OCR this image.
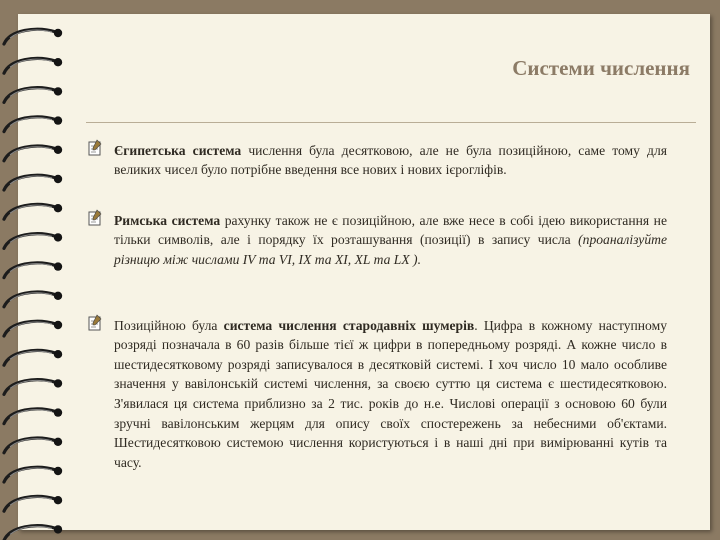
Системи числення

Єгипетська система числення була десятковою, але не була позиційною, саме тому для великих чисел було потрібне введення все нових і нових ієрогліфів.

Римська система рахунку також не є позиційною, але вже несе в собі ідею використання не тільки символів, але і порядку їх розташування (позиції) в запису числа (проаналізуйте різницю між числами IV та VI, IX та XI, XL та LX ).

Позиційною була система числення стародавніх шумерів. Цифра в кожному наступному розряді позначала в 60 разів більше тієї ж цифри в попередньому розряді. А кожне число в шестидесятковому розряді записувалося в десятковій системі. І хоч число 10 мало особливе значення у вавілонській системі числення, за своєю суттю ця система є шестидесятковою. З'явилася ця система приблизно за 2 тис. років до н.е. Числові операції з основою 60 були зручні вавілонським жерцям для опису своїх спостережень за небесними об'єктами. Шестидесятковою системою числення користуються і в наші дні при вимірюванні кутів та часу.
